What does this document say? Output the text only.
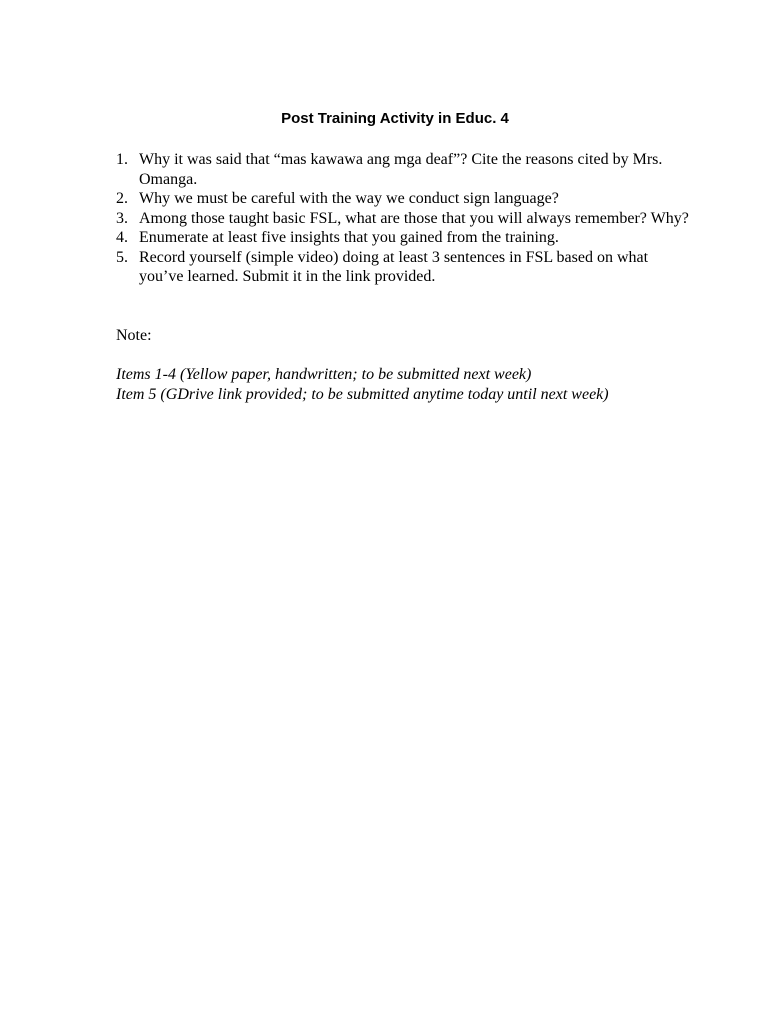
Post Training Activity in Educ. 4
1. Why it was said that “mas kawawa ang mga deaf”? Cite the reasons cited by Mrs. Omanga.
2. Why we must be careful with the way we conduct sign language?
3. Among those taught basic FSL, what are those that you will always remember? Why?
4. Enumerate at least five insights that you gained from the training.
5. Record yourself (simple video) doing at least 3 sentences in FSL based on what you’ve learned. Submit it in the link provided.

Note:

Items 1-4 (Yellow paper, handwritten; to be submitted next week)

Item 5 (GDrive link provided; to be submitted anytime today until next week)
